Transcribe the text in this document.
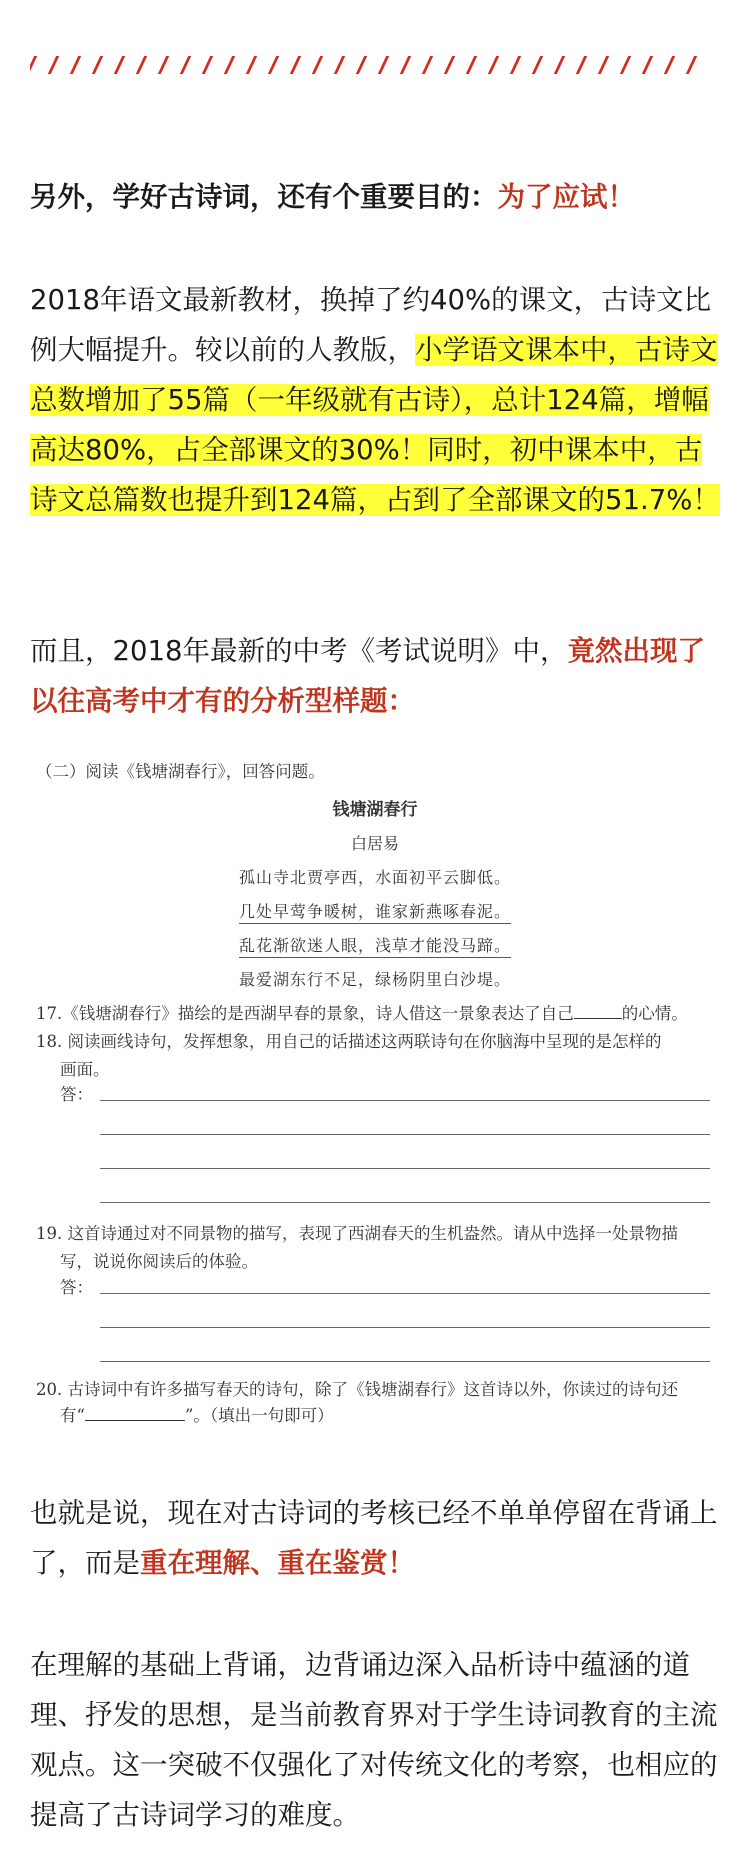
另外，学好古诗词，还有个重要目的：为了应试！

2018年语文最新教材，换掉了约40%的课文，古诗文比例大幅提升。较以前的人教版，小学语文课本中，古诗文总数增加了55篇（一年级就有古诗），总计124篇，增幅高达80%，占全部课文的30%！同时，初中课本中，古诗文总篇数也提升到124篇，占到了全部课文的51.7%！

而且，2018年最新的中考《考试说明》中，竟然出现了以往高考中才有的分析型样题：

（二）阅读《钱塘湖春行》，回答问题。
钱塘湖春行
白居易
孤山寺北贾亭西，水面初平云脚低。
几处早莺争暖树，谁家新燕啄春泥。
乱花渐欲迷人眼，浅草才能没马蹄。
最爱湖东行不足，绿杨阴里白沙堤。
17.《钱塘湖春行》描绘的是西湖早春的景象，诗人借这一景象表达了自己	的心情。
18. 阅读画线诗句，发挥想象，用自己的话描述这两联诗句在你脑海中呈现的是怎样的
画面。
答：
19. 这首诗通过对不同景物的描写，表现了西湖春天的生机盎然。请从中选择一处景物描
写，说说你阅读后的体验。
答：
20. 古诗词中有许多描写春天的诗句，除了《钱塘湖春行》这首诗以外，你读过的诗句还
有“	”。（填出一句即可）

也就是说，现在对古诗词的考核已经不单单停留在背诵上了，而是重在理解、重在鉴赏！

在理解的基础上背诵，边背诵边深入品析诗中蕴涵的道理、抒发的思想，是当前教育界对于学生诗词教育的主流观点。这一突破不仅强化了对传统文化的考察，也相应的提高了古诗词学习的难度。
